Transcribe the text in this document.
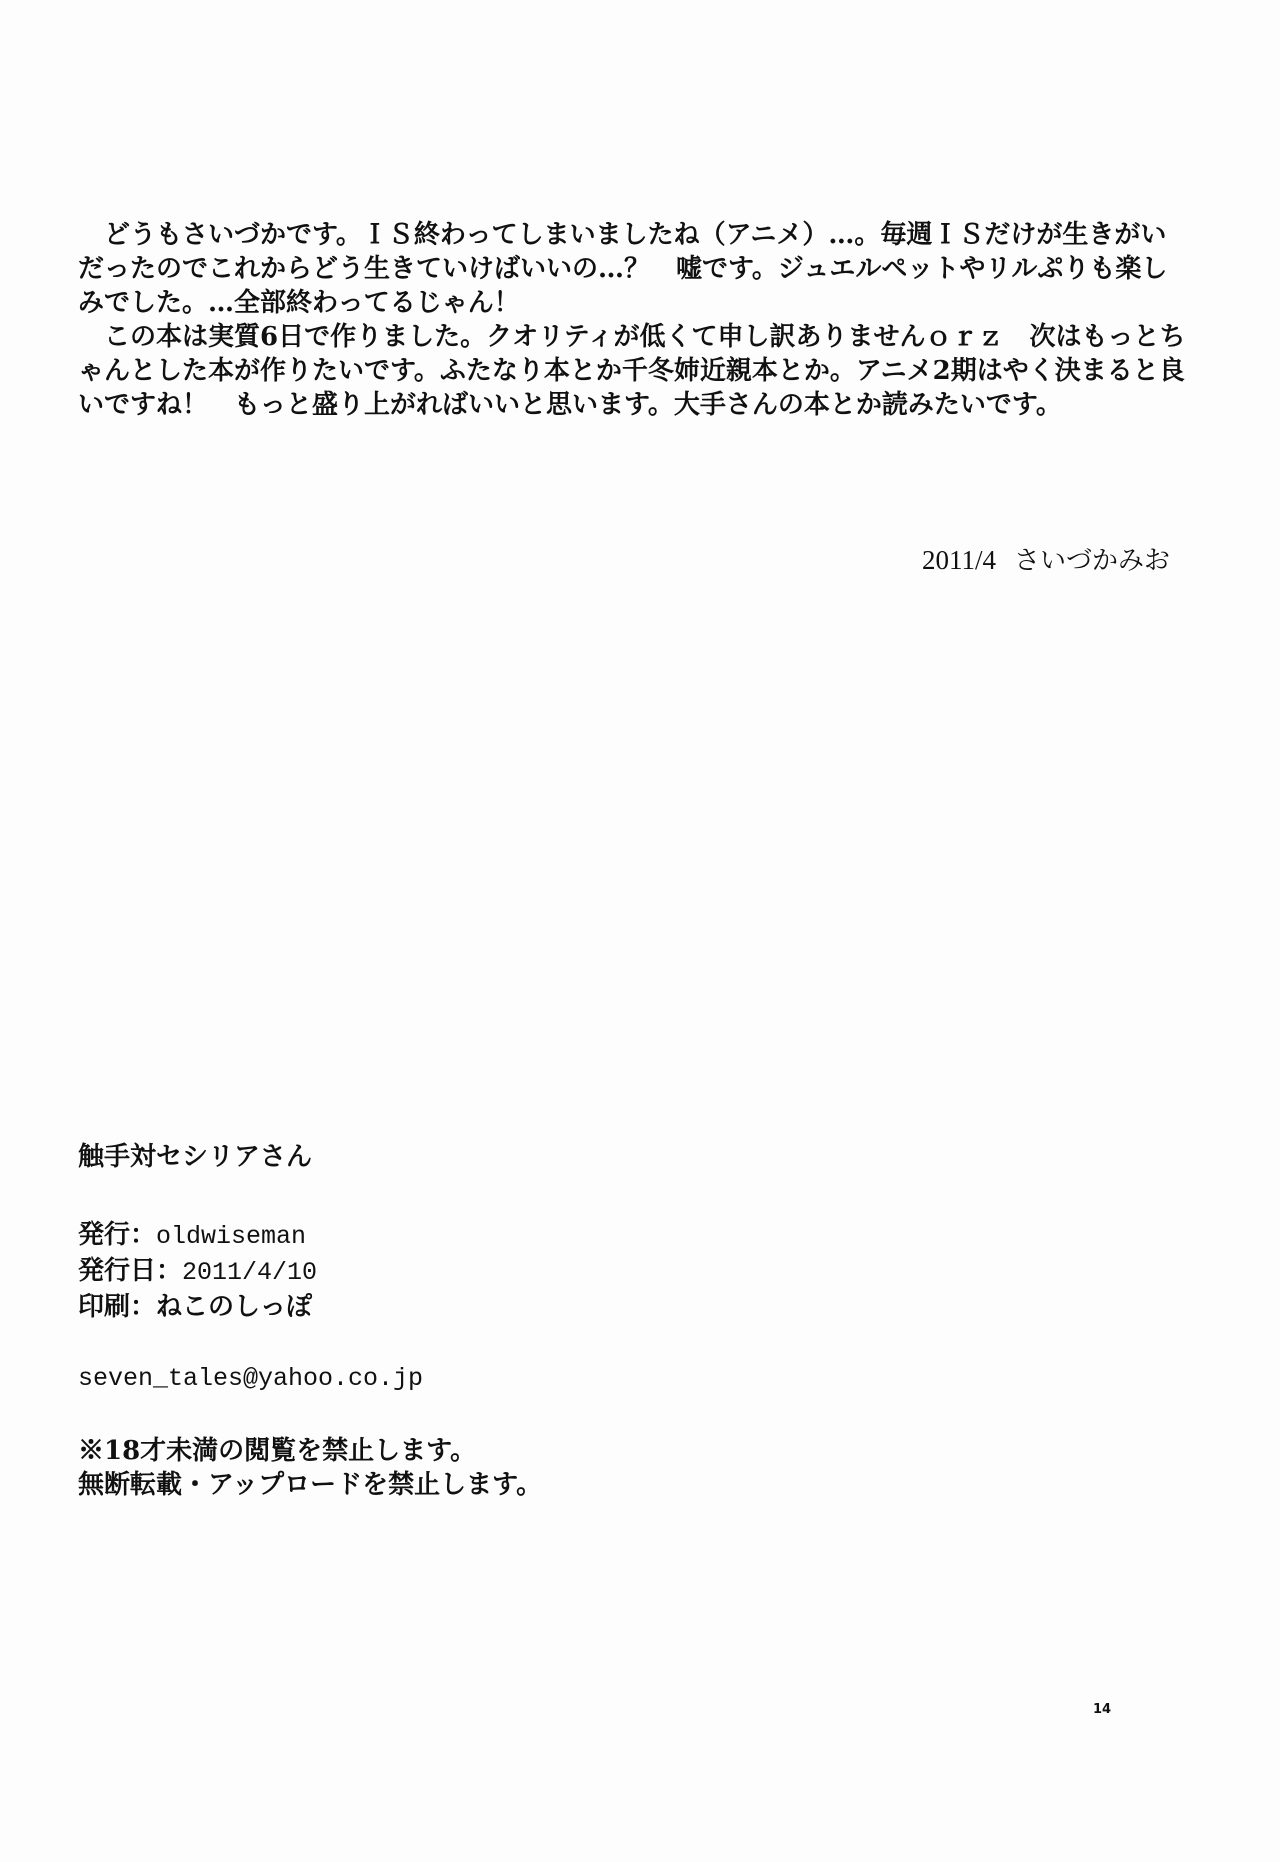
どうもさいづかです。ＩＳ終わってしまいましたね（アニメ）…。毎週ＩＳだけが生きがいだったのでこれからどう生きていけばいいの…？　嘘です。ジュエルペットやリルぷりも楽しみでした。…全部終わってるじゃん！

この本は実質6日で作りました。クオリティが低くて申し訳ありませんｏｒｚ　次はもっとちゃんとした本が作りたいです。ふたなり本とか千冬姉近親本とか。アニメ2期はやく決まると良いですね！　もっと盛り上がればいいと思います。大手さんの本とか読みたいです。

2011/4 さいづかみお

触手対セシリアさん

発行：oldwiseman

発行日：2011/4/10

印刷：ねこのしっぽ

seven_tales@yahoo.co.jp

※18才未満の閲覧を禁止します。

無断転載・アップロードを禁止します。

14
